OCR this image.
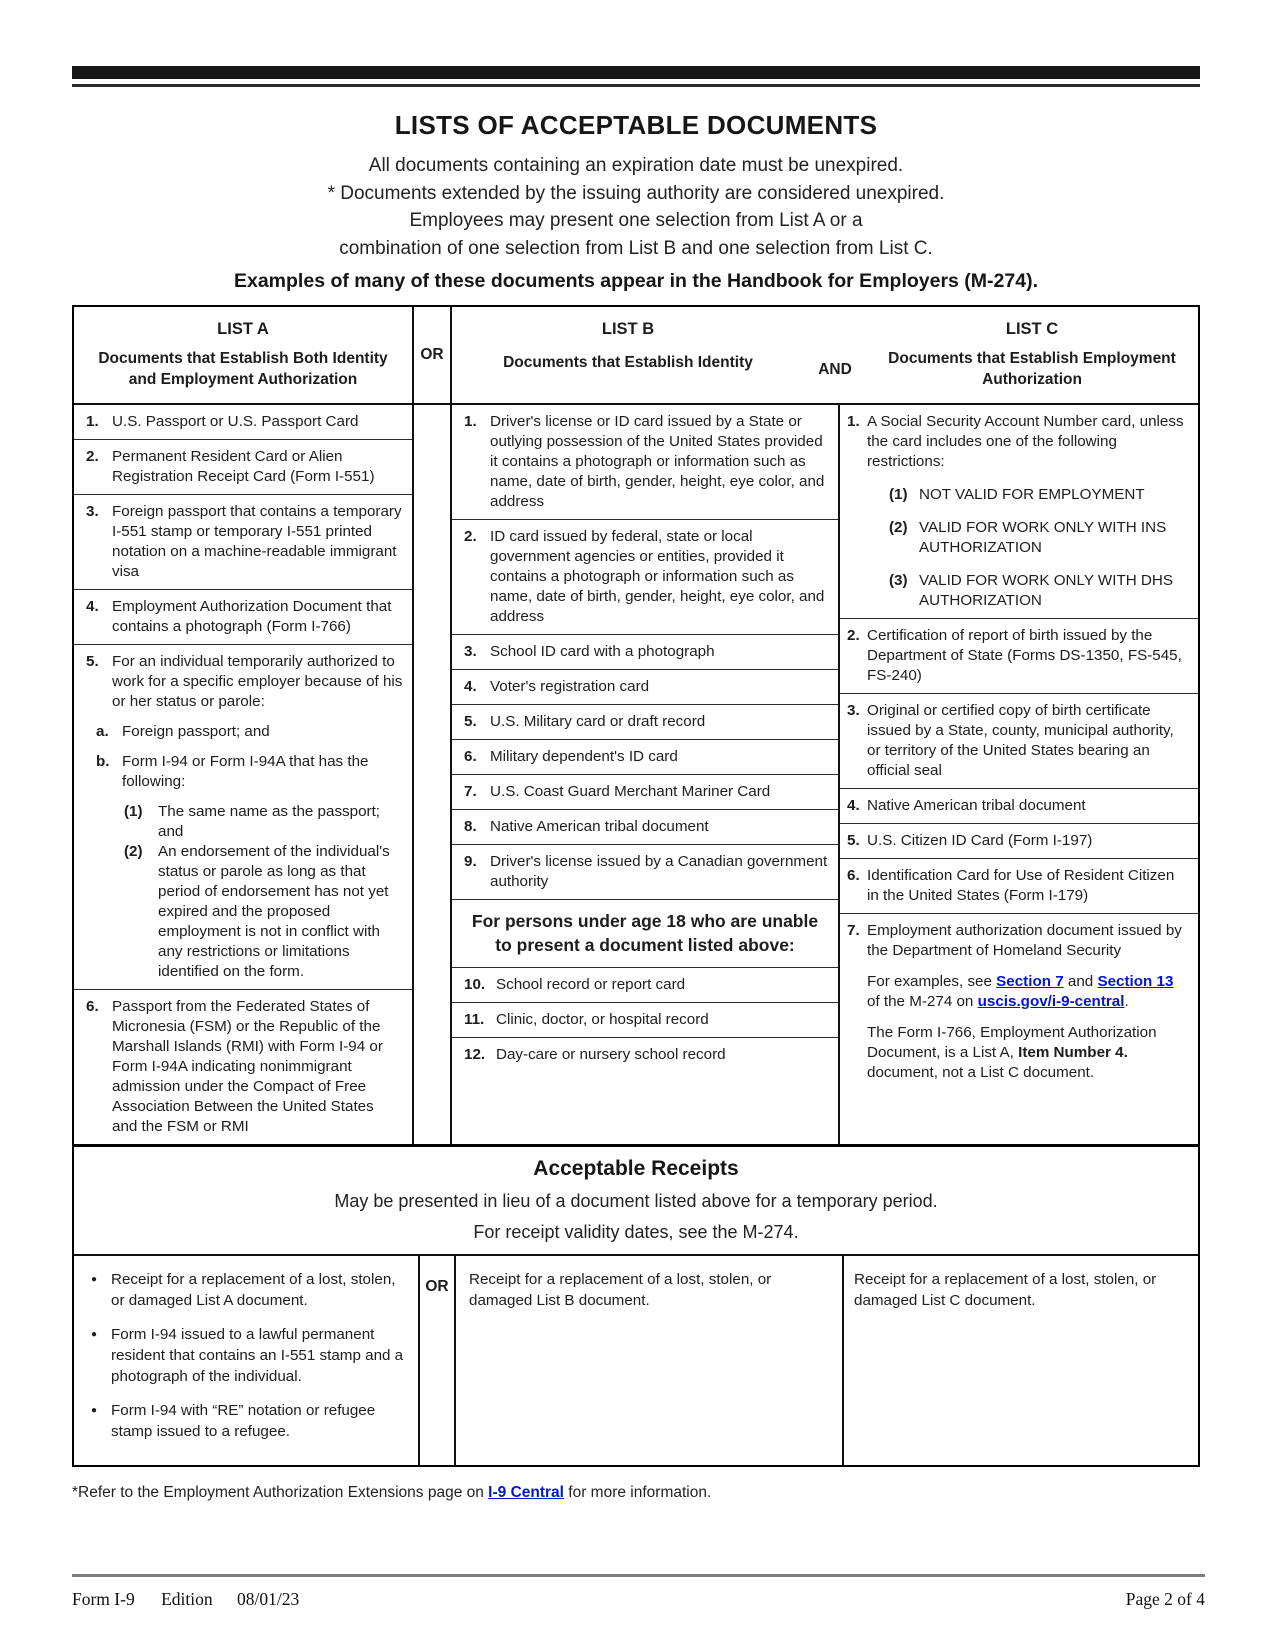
LISTS OF ACCEPTABLE DOCUMENTS
All documents containing an expiration date must be unexpired.
* Documents extended by the issuing authority are considered unexpired.
Employees may present one selection from List A or a
combination of one selection from List B and one selection from List C.
Examples of many of these documents appear in the Handbook for Employers (M-274).
LIST A
Documents that Establish Both Identity and Employment Authorization
OR
LIST B
Documents that Establish Identity	AND
LIST C
Documents that Establish Employment Authorization
1. U.S. Passport or U.S. Passport Card
2. Permanent Resident Card or Alien Registration Receipt Card (Form I-551)
3. Foreign passport that contains a temporary I-551 stamp or temporary I-551 printed notation on a machine-readable immigrant visa
4. Employment Authorization Document that contains a photograph (Form I-766)
5. For an individual temporarily authorized to work for a specific employer because of his or her status or parole:
a. Foreign passport; and
b. Form I-94 or Form I-94A that has the following:
(1)	The same name as the passport; and
(2)	An endorsement of the individual's status or parole as long as that period of endorsement has not yet expired and the proposed employment is not in conflict with any restrictions or limitations identified on the form.
6. Passport from the Federated States of Micronesia (FSM) or the Republic of the Marshall Islands (RMI) with Form I-94 or Form I-94A indicating nonimmigrant admission under the Compact of Free Association Between the United States and the FSM or RMI
1. Driver's license or ID card issued by a State or outlying possession of the United States provided it contains a photograph or information such as name, date of birth, gender, height, eye color, and address
2. ID card issued by federal, state or local government agencies or entities, provided it contains a photograph or information such as name, date of birth, gender, height, eye color, and address
3. School ID card with a photograph
4. Voter's registration card
5. U.S. Military card or draft record
6. Military dependent's ID card
7. U.S. Coast Guard Merchant Mariner Card
8. Native American tribal document
9. Driver's license issued by a Canadian government authority
For persons under age 18 who are unable to present a document listed above:
10. School record or report card
11. Clinic, doctor, or hospital record
12. Day-care or nursery school record
1. A Social Security Account Number card, unless the card includes one of the following restrictions:
(1) NOT VALID FOR EMPLOYMENT
(2) VALID FOR WORK ONLY WITH INS AUTHORIZATION
(3) VALID FOR WORK ONLY WITH DHS AUTHORIZATION
2. Certification of report of birth issued by the Department of State (Forms DS-1350, FS-545, FS-240)
3. Original or certified copy of birth certificate issued by a State, county, municipal authority, or territory of the United States bearing an official seal
4. Native American tribal document
5. U.S. Citizen ID Card (Form I-197)
6. Identification Card for Use of Resident Citizen in the United States (Form I-179)
7. Employment authorization document issued by the Department of Homeland Security
For examples, see Section 7 and Section 13 of the M-274 on uscis.gov/i-9-central.
The Form I-766, Employment Authorization Document, is a List A, Item Number 4. document, not a List C document.
Acceptable Receipts
May be presented in lieu of a document listed above for a temporary period.
For receipt validity dates, see the M-274.
● Receipt for a replacement of a lost, stolen, or damaged List A document.
● Form I-94 issued to a lawful permanent resident that contains an I-551 stamp and a photograph of the individual.
● Form I-94 with “RE” notation or refugee stamp issued to a refugee.
OR	Receipt for a replacement of a lost, stolen, or damaged List B document.
Receipt for a replacement of a lost, stolen, or damaged List C document.
*Refer to the Employment Authorization Extensions page on I-9 Central for more information.
Form I-9 Edition 08/01/23	Page 2 of 4
